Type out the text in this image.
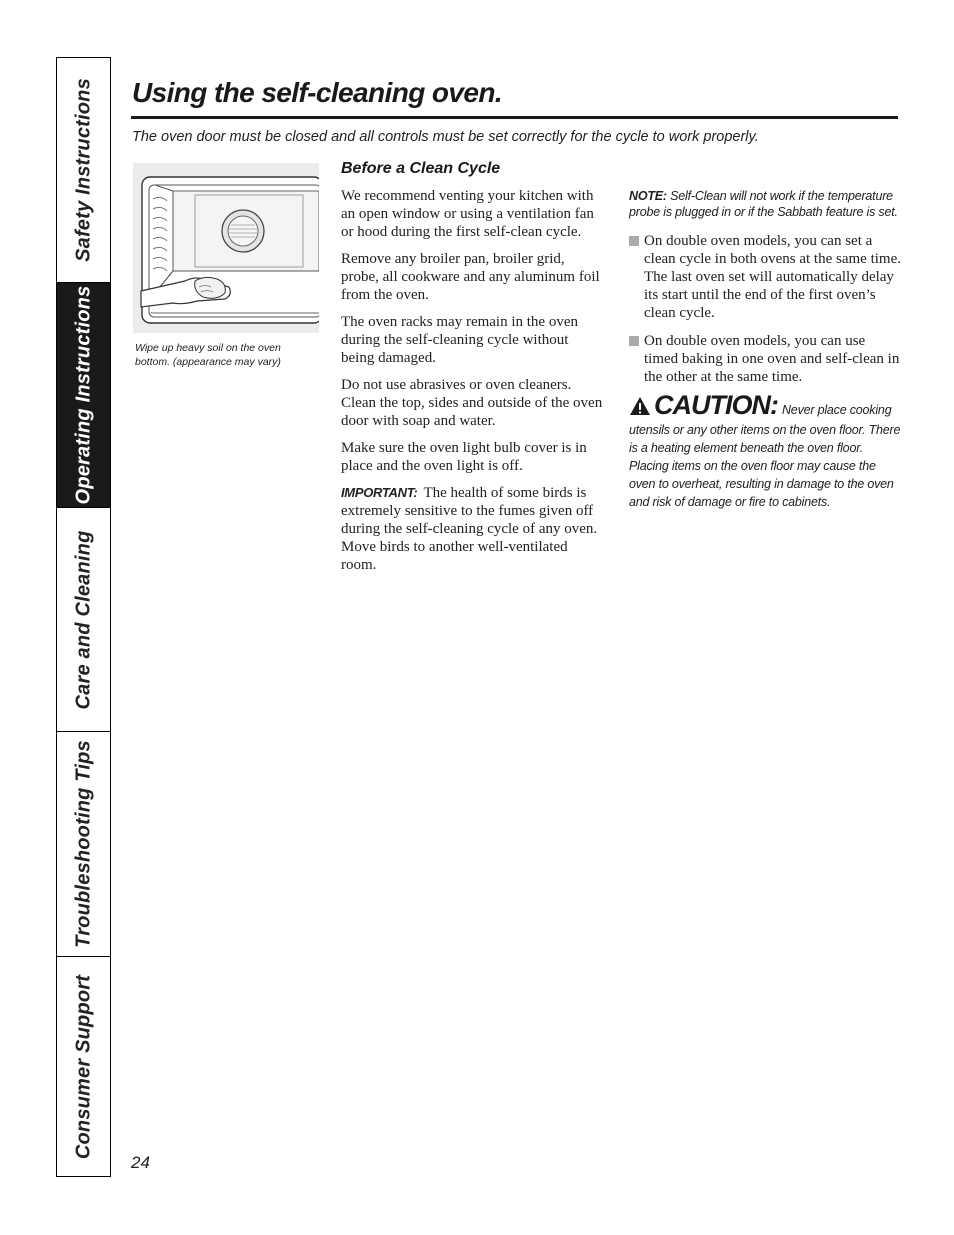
Safety Instructions
Operating Instructions
Care and Cleaning
Troubleshooting Tips
Consumer Support
Using the self-cleaning oven.
The oven door must be closed and all controls must be set correctly for the cycle to work properly.
Wipe up heavy soil on the oven bottom. (appearance may vary)
Before a Clean Cycle

We recommend venting your kitchen with an open window or using a ventilation fan or hood during the first self-clean cycle.

Remove any broiler pan, broiler grid, probe, all cookware and any aluminum foil from the oven.

The oven racks may remain in the oven during the self-cleaning cycle without being damaged.

Do not use abrasives or oven cleaners. Clean the top, sides and outside of the oven door with soap and water.

Make sure the oven light bulb cover is in place and the oven light is off.

IMPORTANT: The health of some birds is extremely sensitive to the fumes given off during the self-cleaning cycle of any oven. Move birds to another well-ventilated room.

NOTE: Self-Clean will not work if the temperature probe is plugged in or if the Sabbath feature is set.

On double oven models, you can set a clean cycle in both ovens at the same time. The last oven set will automatically delay its start until the end of the first oven’s clean cycle.

On double oven models, you can use timed baking in one oven and self-clean in the other at the same time.

CAUTION: Never place cooking utensils or any other items on the oven floor. There is a heating element beneath the oven floor. Placing items on the oven floor may cause the oven to overheat, resulting in damage to the oven and risk of damage or fire to cabinets.
24
